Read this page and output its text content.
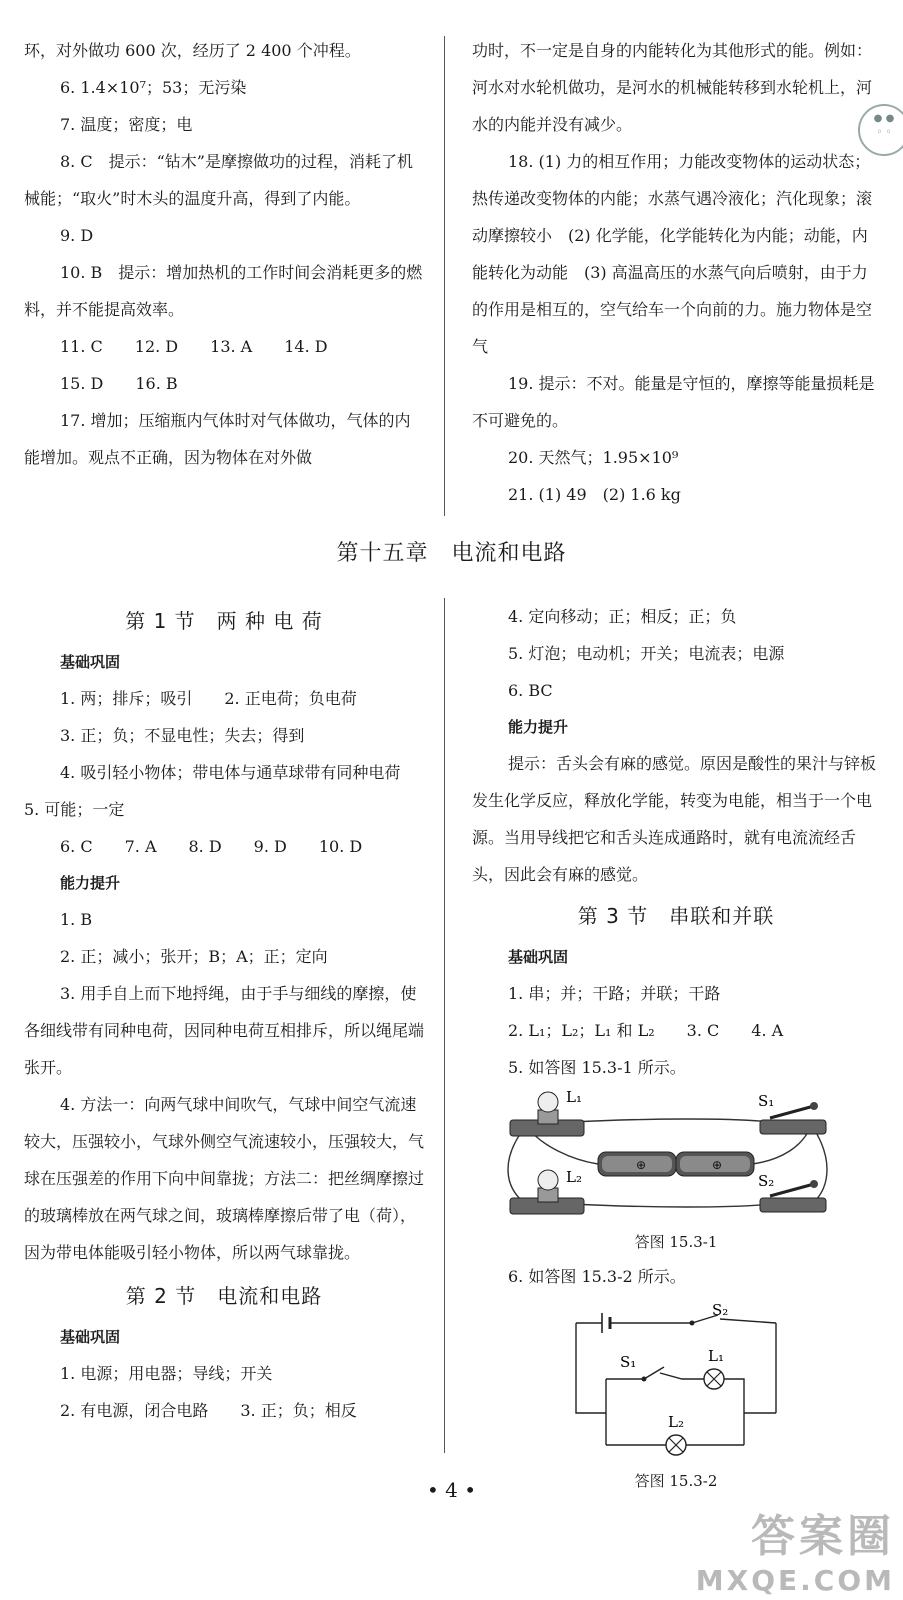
环，对外做功 600 次，经历了 2 400 个冲程。

6. 1.4×10⁷；53；无污染

7. 温度；密度；电

8. C　提示：“钻木”是摩擦做功的过程，消耗了机械能；“取火”时木头的温度升高，得到了内能。

9. D

10. B　提示：增加热机的工作时间会消耗更多的燃料，并不能提高效率。

11. C　　12. D　　13. A　　14. D

15. D　　16. B

17. 增加；压缩瓶内气体时对气体做功，气体的内能增加。观点不正确，因为物体在对外做

功时，不一定是自身的内能转化为其他形式的能。例如：河水对水轮机做功，是河水的机械能转移到水轮机上，河水的内能并没有减少。

18. (1) 力的相互作用；力能改变物体的运动状态；热传递改变物体的内能；水蒸气遇冷液化；汽化现象；滚动摩擦较小　(2) 化学能，化学能转化为内能；动能，内能转化为动能　(3) 高温高压的水蒸气向后喷射，由于力的作用是相互的，空气给车一个向前的力。施力物体是空气

19. 提示：不对。能量是守恒的，摩擦等能量损耗是不可避免的。

20. 天然气；1.95×10⁹

21. (1) 49　(2) 1.6 kg

● ●
◦ ◦
第十五章　电流和电路

第 1 节　两 种 电 荷

基础巩固

1. 两；排斥；吸引　　2. 正电荷；负电荷

3. 正；负；不显电性；失去；得到

4. 吸引轻小物体；带电体与通草球带有同种电荷　5. 可能；一定

6. C　　7. A　　8. D　　9. D　　10. D

能力提升

1. B

2. 正；减小；张开；B；A；正；定向

3. 用手自上而下地捋绳，由于手与细线的摩擦，使各细线带有同种电荷，因同种电荷互相排斥，所以绳尾端张开。

4. 方法一：向两气球中间吹气，气球中间空气流速较大，压强较小，气球外侧空气流速较小，压强较大，气球在压强差的作用下向中间靠拢；方法二：把丝绸摩擦过的玻璃棒放在两气球之间，玻璃棒摩擦后带了电（荷），因为带电体能吸引轻小物体，所以两气球靠拢。

第 2 节　电流和电路

基础巩固

1. 电源；用电器；导线；开关

2. 有电源，闭合电路　　3. 正；负；相反

4. 定向移动；正；相反；正；负

5. 灯泡；电动机；开关；电流表；电源

6. BC

能力提升

提示：舌头会有麻的感觉。原因是酸性的果汁与锌板发生化学反应，释放化学能，转变为电能，相当于一个电源。当用导线把它和舌头连成通路时，就有电流流经舌头，因此会有麻的感觉。

第 3 节　串联和并联

基础巩固

1. 串；并；干路；并联；干路

2. L₁；L₂；L₁ 和 L₂　　3. C　　4. A

5. 如答图 15.3-1 所示。

⊕	⊕
L₁
L₂
S₁
S₂

答图 15.3-1

6. 如答图 15.3-2 所示。

S₂
S₁	L₁
L₂

答图 15.3-2

• 4 •
答案圈
MXQE.COM
